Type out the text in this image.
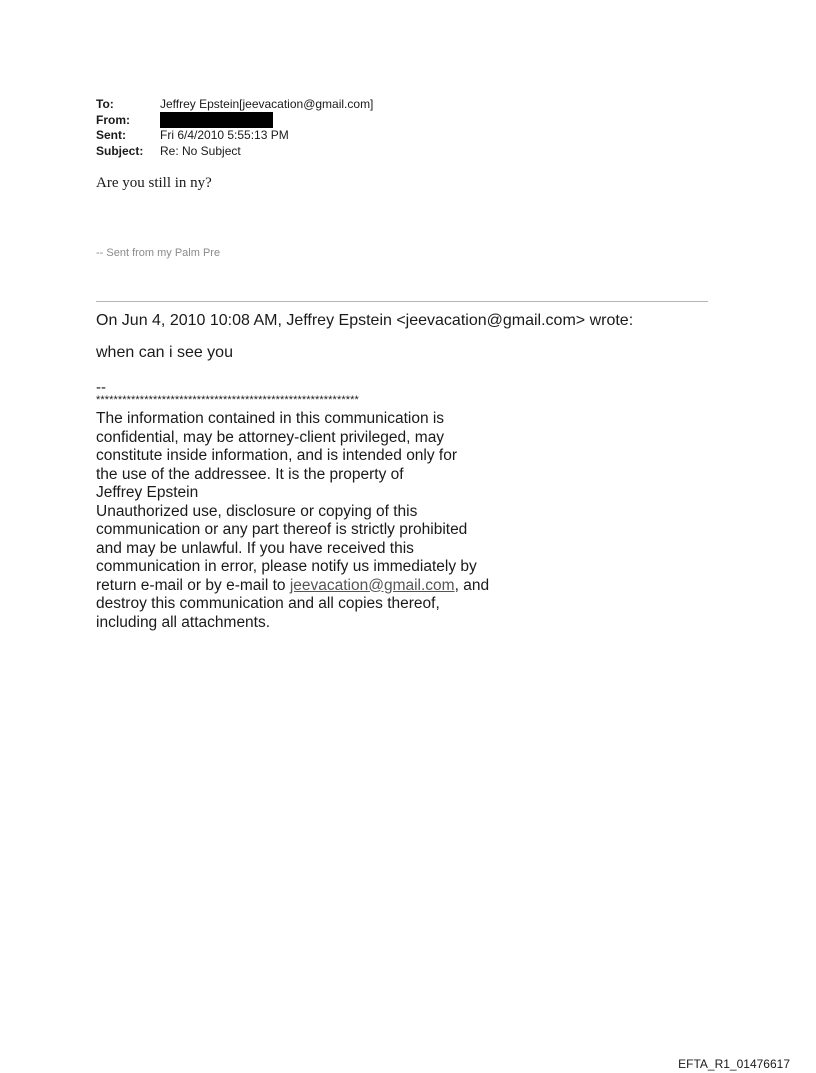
To:	Jeffrey Epstein[jeevacation@gmail.com]
From:
Sent:	Fri 6/4/2010 5:55:13 PM
Subject:	Re: No Subject
Are you still in ny?
-- Sent from my Palm Pre
On Jun 4, 2010 10:08 AM, Jeffrey Epstein <jeevacation@gmail.com> wrote:
when can i see you
--
************************************************************
The information contained in this communication is
confidential, may be attorney-client privileged, may
constitute inside information, and is intended only for
the use of the addressee. It is the property of
Jeffrey Epstein
Unauthorized use, disclosure or copying of this
communication or any part thereof is strictly prohibited
and may be unlawful. If you have received this
communication in error, please notify us immediately by
return e-mail or by e-mail to jeevacation@gmail.com, and
destroy this communication and all copies thereof,
including all attachments.
EFTA_R1_01476617
